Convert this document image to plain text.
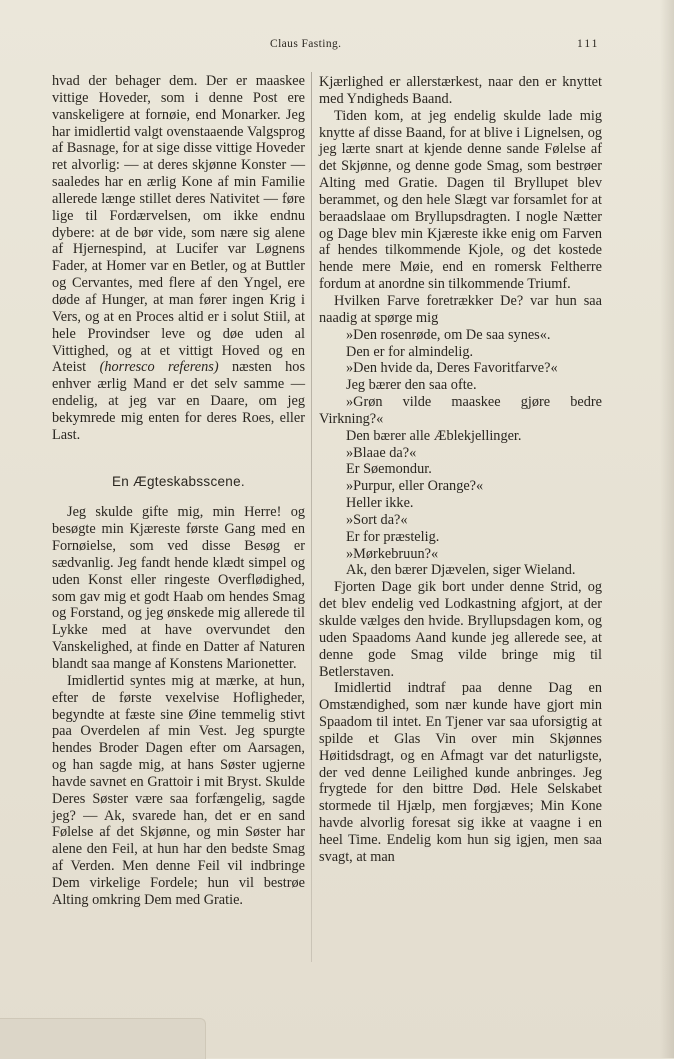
Claus Fasting.	111

hvad der behager dem. Der er maaskee vittige Hoveder, som i denne Post ere vanskeligere at fornøie, end Monarker. Jeg har imidlertid valgt ovenstaaende Valgsprog af Basnage, for at sige disse vittige Hoveder ret alvorlig: — at deres skjønne Konster — saaledes har en ærlig Kone af min Familie allerede længe stillet deres Nativitet — føre lige til Fordærvelsen, om ikke endnu dybere: at de bør vide, som nære sig alene af Hjernespind, at Lucifer var Løgnens Fader, at Homer var en Betler, og at Buttler og Cervantes, med flere af den Yngel, ere døde af Hunger, at man fører ingen Krig i Vers, og at en Proces altid er i solut Stiil, at hele Provindser leve og døe uden al Vittighed, og at et vittigt Hoved og en Ateist (horresco referens) næsten hos enhver ærlig Mand er det selv samme — endelig, at jeg var en Daare, om jeg bekymrede mig enten for deres Roes, eller Last.

En Ægteskabsscene.

Jeg skulde gifte mig, min Herre! og besøgte min Kjæreste første Gang med en Fornøielse, som ved disse Besøg er sædvanlig. Jeg fandt hende klædt simpel og uden Konst eller ringeste Overflødighed, som gav mig et godt Haab om hendes Smag og Forstand, og jeg ønskede mig allerede til Lykke med at have overvundet den Vanskelighed, at finde en Datter af Naturen blandt saa mange af Konstens Marionetter.

Imidlertid syntes mig at mærke, at hun, efter de første vexelvise Hofligheder, begyndte at fæste sine Øine temmelig stivt paa Overdelen af min Vest. Jeg spurgte hendes Broder Dagen efter om Aarsagen, og han sagde mig, at hans Søster ugjerne havde savnet en Grattoir i mit Bryst. Skulde Deres Søster være saa forfængelig, sagde jeg? — Ak, svarede han, det er en sand Følelse af det Skjønne, og min Søster har alene den Feil, at hun har den bedste Smag af Verden. Men denne Feil vil indbringe Dem virkelige Fordele; hun vil bestrøe Alting omkring Dem med Gratie.

Kjærlighed er allerstærkest, naar den er knyttet med Yndigheds Baand.

Tiden kom, at jeg endelig skulde lade mig knytte af disse Baand, for at blive i Lignelsen, og jeg lærte snart at kjende denne sande Følelse af det Skjønne, og denne gode Smag, som bestrøer Alting med Gratie. Dagen til Bryllupet blev berammet, og den hele Slægt var forsamlet for at beraadslaae om Bryllupsdragten. I nogle Nætter og Dage blev min Kjæreste ikke enig om Farven af hendes tilkommende Kjole, og det kostede hende mere Møie, end en romersk Feltherre fordum at anordne sin tilkommende Triumf.

Hvilken Farve foretrækker De? var hun saa naadig at spørge mig

»Den rosenrøde, om De saa synes«.

Den er for almindelig.

»Den hvide da, Deres Favoritfarve?«

Jeg bærer den saa ofte.

»Grøn vilde maaskee gjøre bedre Virkning?«

Den bærer alle Æblekjellinger.

»Blaae da?«

Er Søemondur.

»Purpur, eller Orange?«

Heller ikke.

»Sort da?«

Er for præstelig.

»Mørkebruun?«

Ak, den bærer Djævelen, siger Wieland.

Fjorten Dage gik bort under denne Strid, og det blev endelig ved Lodkastning afgjort, at der skulde vælges den hvide. Bryllupsdagen kom, og uden Spaadoms Aand kunde jeg allerede see, at denne gode Smag vilde bringe mig til Betlerstaven.

Imidlertid indtraf paa denne Dag en Omstændighed, som nær kunde have gjort min Spaadom til intet. En Tjener var saa uforsigtig at spilde et Glas Vin over min Skjønnes Høitidsdragt, og en Afmagt var det naturligste, der ved denne Leilighed kunde anbringes. Jeg frygtede for den bittre Død. Hele Selskabet stormede til Hjælp, men forgjæves; Min Kone havde alvorlig foresat sig ikke at vaagne i en heel Time. Endelig kom hun sig igjen, men saa svagt, at man
